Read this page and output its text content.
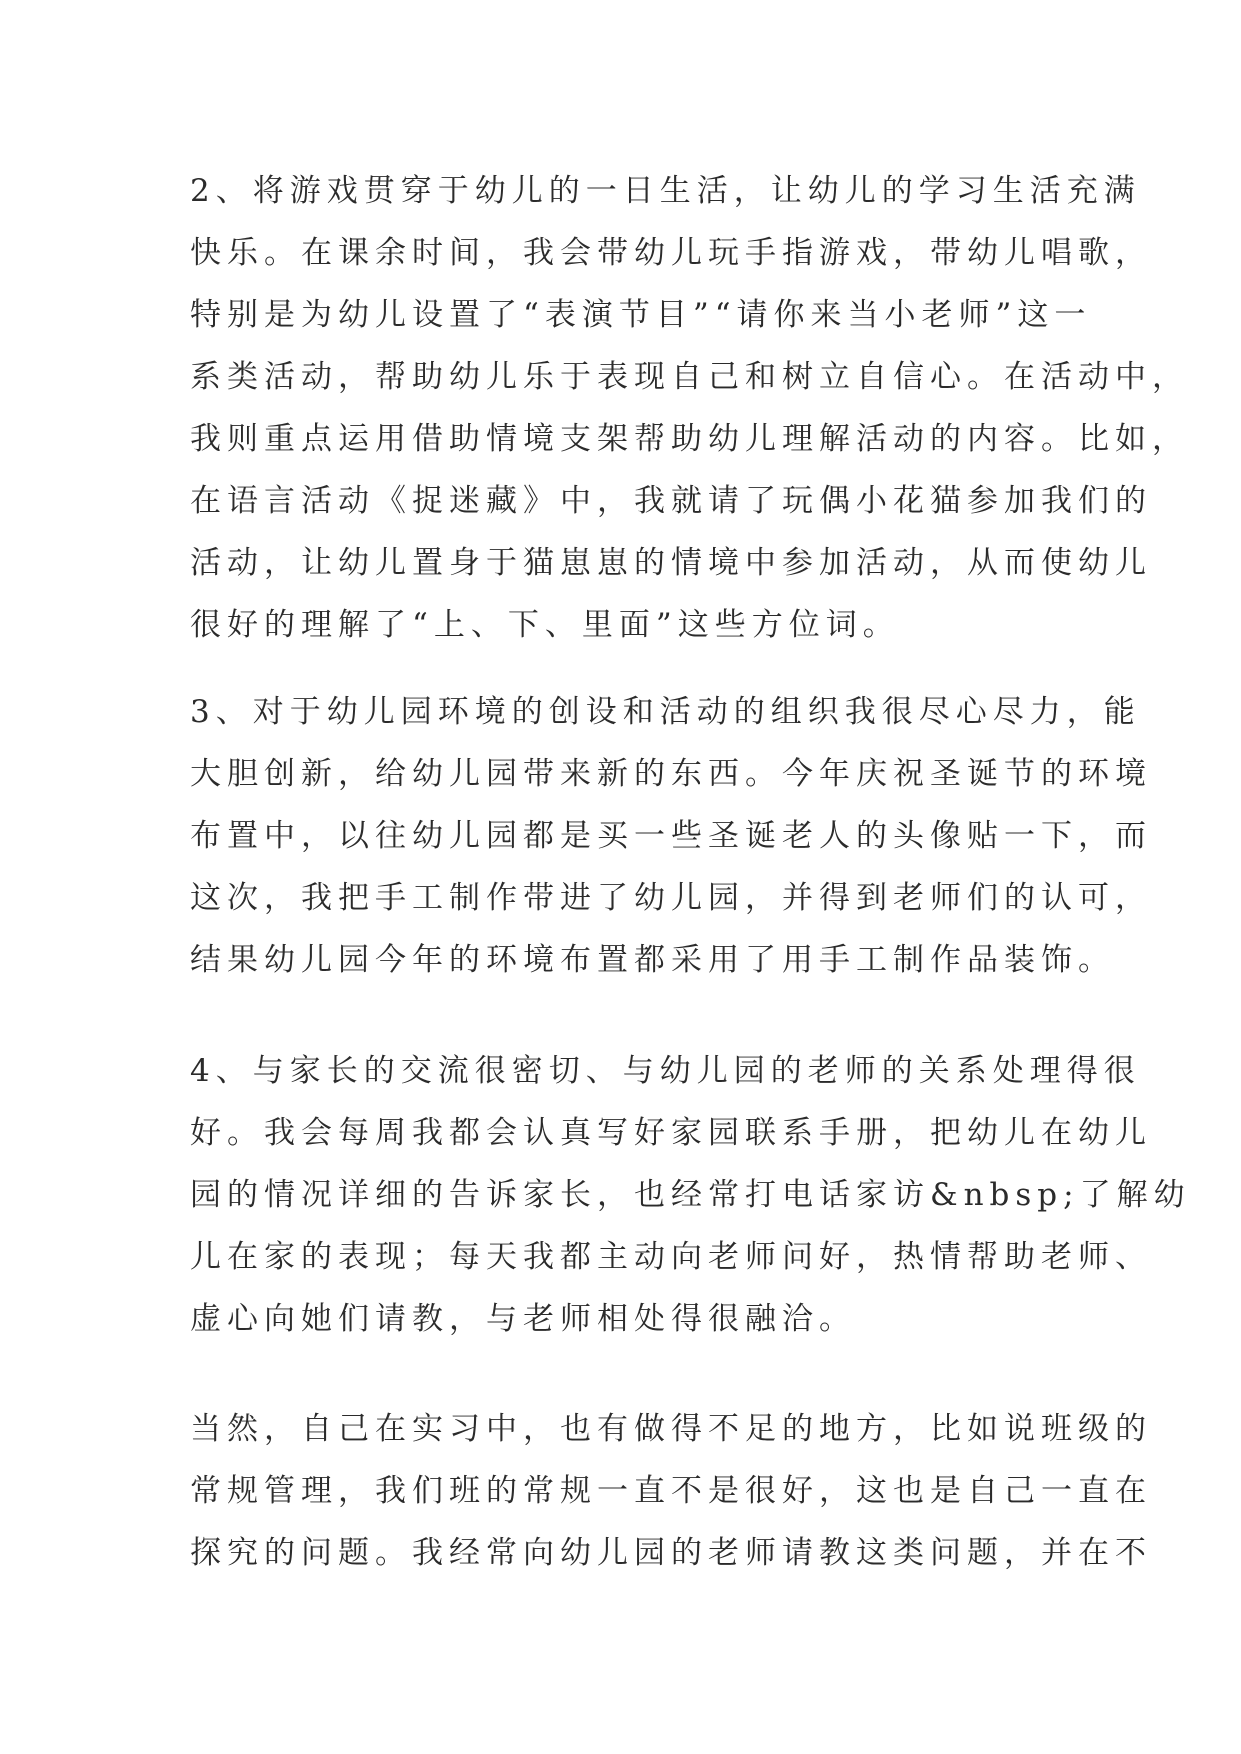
2、将游戏贯穿于幼儿的一日生活，让幼儿的学习生活充满
快乐。在课余时间，我会带幼儿玩手指游戏，带幼儿唱歌，
特别是为幼儿设置了“表演节目”“请你来当小老师”这一
系类活动，帮助幼儿乐于表现自己和树立自信心。在活动中，
我则重点运用借助情境支架帮助幼儿理解活动的内容。比如，
在语言活动《捉迷藏》中，我就请了玩偶小花猫参加我们的
活动，让幼儿置身于猫崽崽的情境中参加活动，从而使幼儿
很好的理解了“上、下、里面”这些方位词。

3、对于幼儿园环境的创设和活动的组织我很尽心尽力，能
大胆创新，给幼儿园带来新的东西。今年庆祝圣诞节的环境
布置中，以往幼儿园都是买一些圣诞老人的头像贴一下，而
这次，我把手工制作带进了幼儿园，并得到老师们的认可，
结果幼儿园今年的环境布置都采用了用手工制作品装饰。

4、与家长的交流很密切、与幼儿园的老师的关系处理得很
好。我会每周我都会认真写好家园联系手册，把幼儿在幼儿
园的情况详细的告诉家长，也经常打电话家访&nbsp;了解幼
儿在家的表现；每天我都主动向老师问好，热情帮助老师、
虚心向她们请教，与老师相处得很融洽。

当然，自己在实习中，也有做得不足的地方，比如说班级的
常规管理，我们班的常规一直不是很好，这也是自己一直在
探究的问题。我经常向幼儿园的老师请教这类问题，并在不
